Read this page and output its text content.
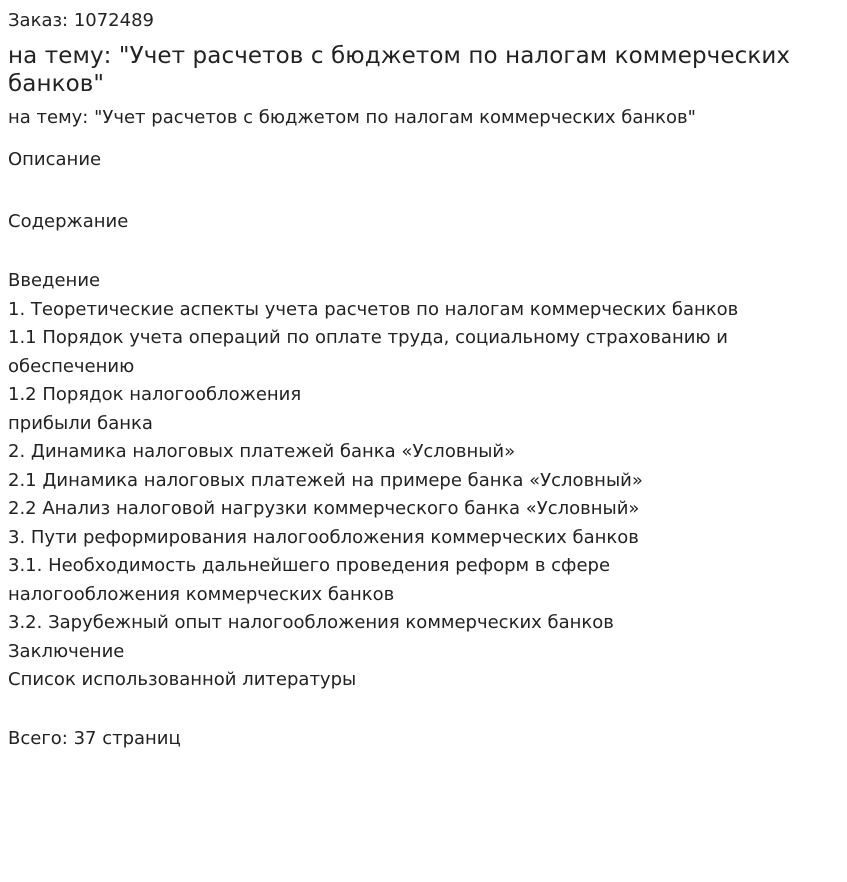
Заказ: 1072489

на тему: "Учет расчетов с бюджетом по налогам коммерческих банков"

на тему: "Учет расчетов с бюджетом по налогам коммерческих банков"

Описание

Содержание

Введение
1. Теоретические аспекты учета расчетов по налогам коммерческих банков
1.1 Порядок учета операций по оплате труда, социальному страхованию и
обеспечению
1.2 Порядок налогообложения
прибыли банка
2. Динамика налоговых платежей банка «Условный»
2.1 Динамика налоговых платежей на примере банка «Условный»
2.2 Анализ налоговой нагрузки коммерческого банка «Условный»
3. Пути реформирования налогообложения коммерческих банков
3.1. Необходимость дальнейшего проведения реформ в сфере
налогообложения коммерческих банков
3.2. Зарубежный опыт налогообложения коммерческих банков
Заключение
Список использованной литературы

Всего: 37 страниц
